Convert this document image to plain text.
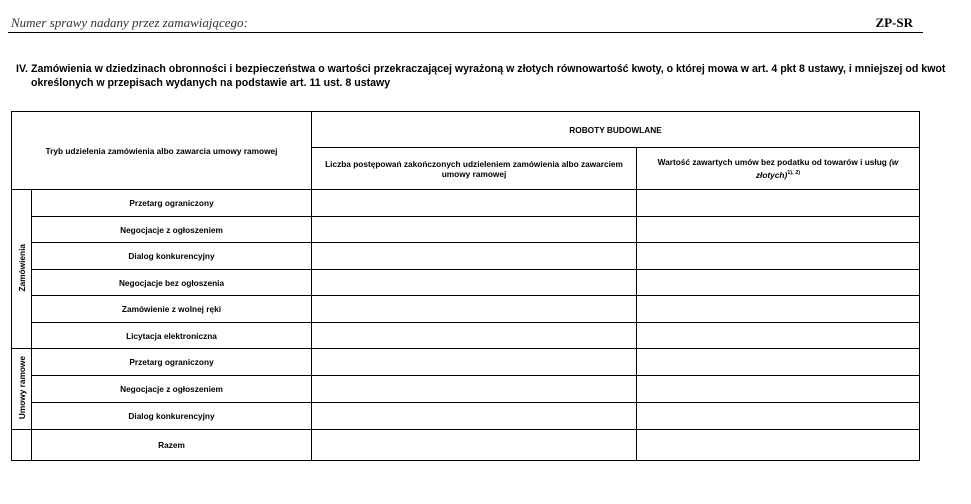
Numer sprawy nadany przez zamawiającego:	ZP-SR
IV. Zamówienia w dziedzinach obronności i bezpieczeństwa o wartości przekraczającej wyrażoną w złotych równowartość kwoty, o której mowa w art. 4 pkt 8 ustawy, i mniejszej od kwot określonych w przepisach wydanych na podstawie art. 11 ust. 8 ustawy
Tryb udzielenia zamówienia albo zawarcia umowy ramowej		ROBOTY BUDOWLANE	
		Liczba postępowań zakończonych udzieleniem zamówienia albo zawarciem umowy ramowej	Wartość zawartych umów bez podatku od towarów i usług (w złotych)$^{1), 2)}$

Zamówienia	Przetarg ograniczony		
	Negocjacje z ogłoszeniem		
	Dialog konkurencyjny		
	Negocjacje bez ogłoszenia		
	Zamówienie z wolnej ręki		
	Licytacja elektroniczna		
Umowy ramowe	Przetarg ograniczony		
	Negocjacje z ogłoszeniem		
	Dialog konkurencyjny		
	Razem		
